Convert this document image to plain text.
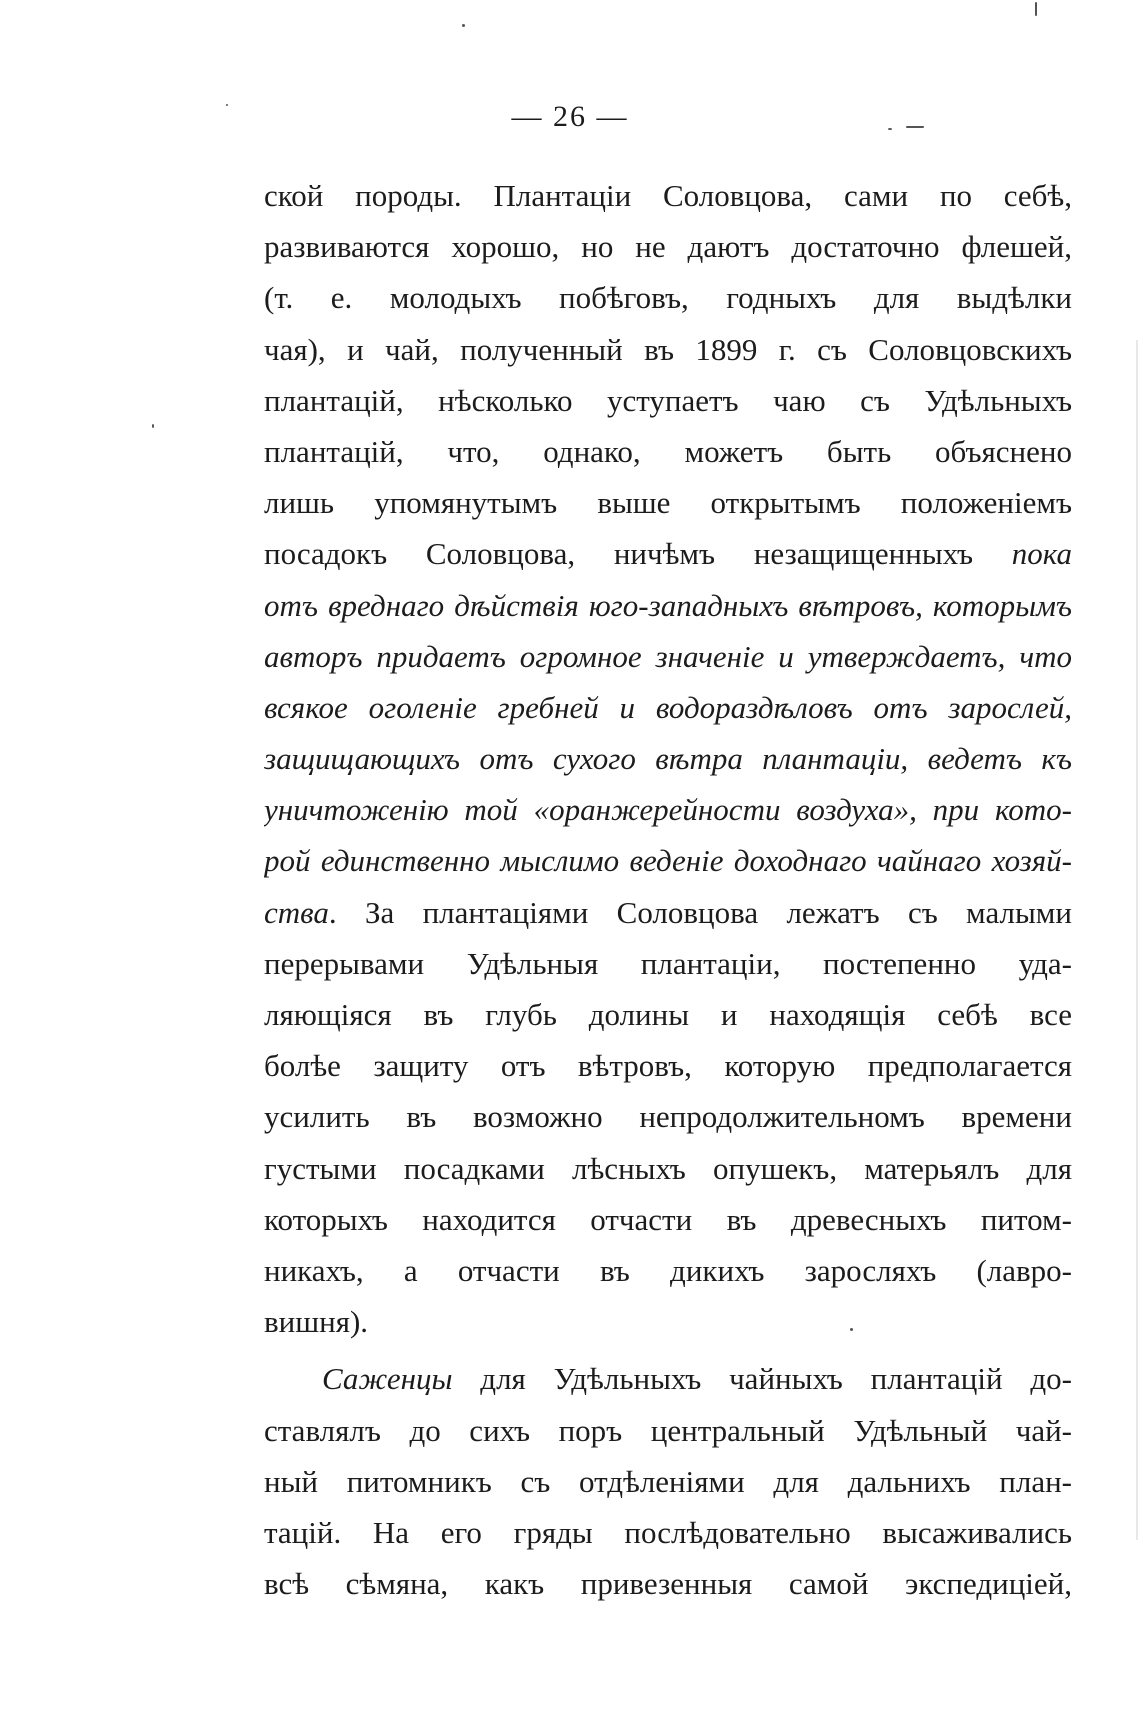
— 26 —
ской породы. Плантаціи Соловцова, сами по себѣ,
развиваются хорошо, но не даютъ достаточно флешей,
(т. е. молодыхъ побѣговъ, годныхъ для выдѣлки
чая), и чай, полученный въ 1899 г. съ Соловцовскихъ
плантацій, нѣсколько уступаетъ чаю съ Удѣльныхъ
плантацій, что, однако, можетъ быть объяснено
лишь упомянутымъ выше открытымъ положеніемъ
посадокъ Соловцова, ничѣмъ незащищенныхъ пока
отъ вреднаго дѣйствія юго-западныхъ вѣтровъ, которымъ
авторъ придаетъ огромное значеніе и утверждаетъ, что
всякое оголеніе гребней и водораздѣловъ отъ зарослей,
защищающихъ отъ сухого вѣтра плантаціи, ведетъ къ
уничтоженію той «оранжерейности воздуха», при кото-
рой единственно мыслимо веденіе доходнаго чайнаго хозяй-
ства. За плантаціями Соловцова лежатъ съ малыми
перерывами Удѣльныя плантаціи, постепенно уда-
ляющіяся въ глубь долины и находящія себѣ все
болѣе защиту отъ вѣтровъ, которую предполагается
усилить въ возможно непродолжительномъ времени
густыми посадками лѣсныхъ опушекъ, матерьялъ для
которыхъ находится отчасти въ древесныхъ питом-
никахъ, а отчасти въ дикихъ заросляхъ (лавро-
вишня).
Саженцы для Удѣльныхъ чайныхъ плантацій до-
ставлялъ до сихъ поръ центральный Удѣльный чай-
ный питомникъ съ отдѣленіями для дальнихъ план-
тацій. На его гряды послѣдовательно высаживались
всѣ сѣмяна, какъ привезенныя самой экспедиціей,
